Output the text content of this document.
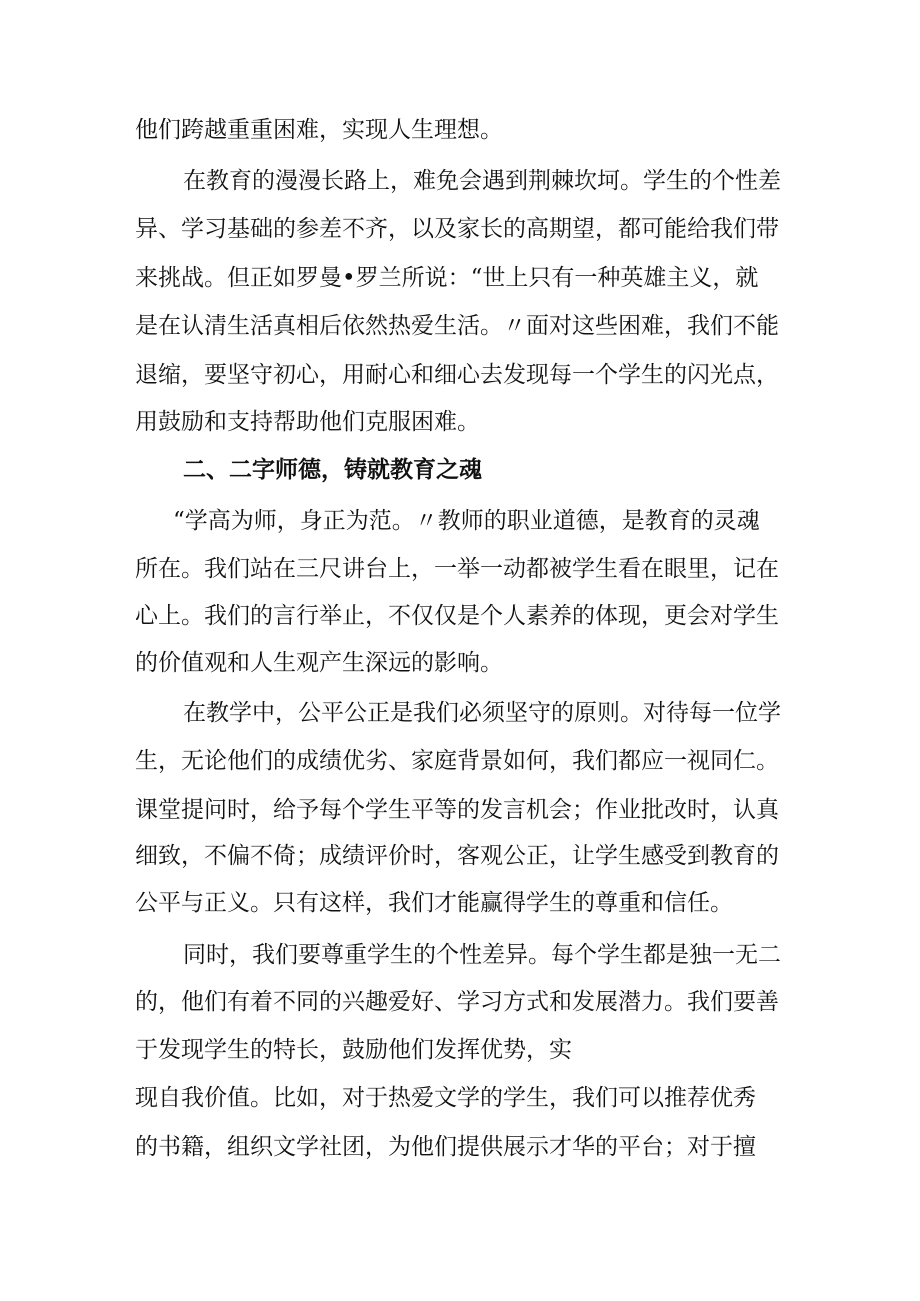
他们跨越重重困难，实现人生理想。
在教育的漫漫长路上，难免会遇到荆棘坎坷。学生的个性差
异、学习基础的参差不齐，以及家长的高期望，都可能给我们带
来挑战。但正如罗曼•罗兰所说：“世上只有一种英雄主义，就
是在认清生活真相后依然热爱生活。〃面对这些困难，我们不能
退缩，要坚守初心，用耐心和细心去发现每一个学生的闪光点，
用鼓励和支持帮助他们克服困难。
二、二字师德，铸就教育之魂
“学高为师，身正为范。〃教师的职业道德，是教育的灵魂
所在。我们站在三尺讲台上，一举一动都被学生看在眼里，记在
心上。我们的言行举止，不仅仅是个人素养的体现，更会对学生
的价值观和人生观产生深远的影响。
在教学中，公平公正是我们必须坚守的原则。对待每一位学
生，无论他们的成绩优劣、家庭背景如何，我们都应一视同仁。
课堂提问时，给予每个学生平等的发言机会；作业批改时，认真
细致，不偏不倚；成绩评价时，客观公正，让学生感受到教育的
公平与正义。只有这样，我们才能赢得学生的尊重和信任。
同时，我们要尊重学生的个性差异。每个学生都是独一无二
的，他们有着不同的兴趣爱好、学习方式和发展潜力。我们要善
于发现学生的特长，鼓励他们发挥优势，实
现自我价值。比如，对于热爱文学的学生，我们可以推荐优秀
的书籍，组织文学社团，为他们提供展示才华的平台；对于擅
